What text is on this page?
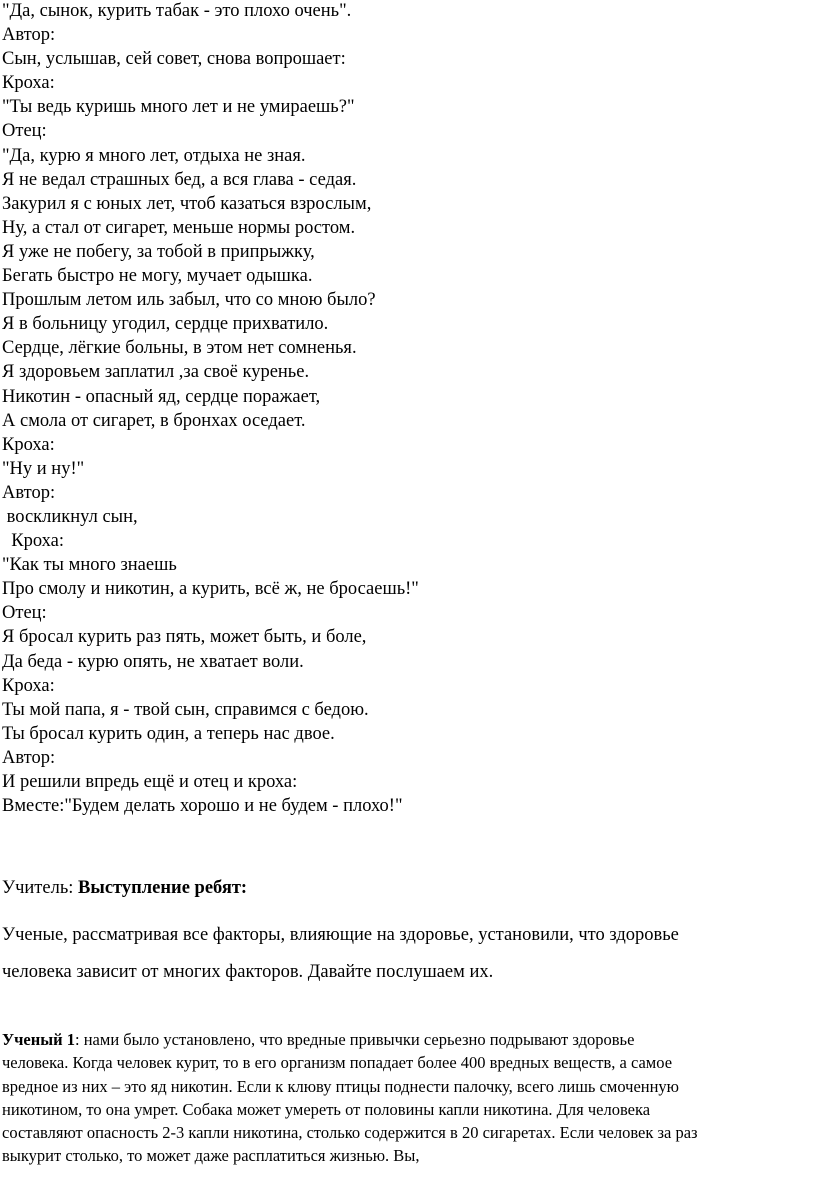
"Да, сынок, курить табак - это плохо очень".
Автор:
Сын, услышав, сей совет, снова вопрошает:
Кроха:
"Ты ведь куришь много лет и не умираешь?"
Отец:
"Да, курю я много лет, отдыха не зная.
Я не ведал страшных бед, а вся глава - седая.
Закурил я с юных лет, чтоб казаться взрослым,
Ну, а стал от сигарет, меньше нормы ростом.
Я уже не побегу, за тобой в припрыжку,
Бегать быстро не могу, мучает одышка.
Прошлым летом иль забыл, что со мною было?
Я в больницу угодил, сердце прихватило.
Сердце, лёгкие больны, в этом нет сомненья.
Я здоровьем заплатил ,за своё куренье.
Никотин - опасный яд, сердце поражает,
А смола от сигарет, в бронхах оседает.
Кроха:
"Ну и ну!"
Автор:
воскликнул сын,
Кроха:
"Как ты много знаешь
Про смолу и никотин, а курить, всё ж, не бросаешь!"
Отец:
Я бросал курить раз пять, может быть, и боле,
Да беда - курю опять, не хватает воли.
Кроха:
Ты мой папа, я - твой сын, справимся с бедою.
Ты бросал курить один, а теперь нас двое.
Автор:
И решили впредь ещё и отец и кроха:
Вместе:"Будем делать хорошо и не будем - плохо!"
Учитель: Выступление ребят:
Ученые, рассматривая все факторы, влияющие на здоровье, установили, что здоровье
человека зависит от многих факторов. Давайте послушаем их.
Ученый 1: нами было установлено, что вредные привычки серьезно подрывают здоровье
человека. Когда человек курит, то в его организм попадает более 400 вредных веществ, а самое
вредное из них – это яд никотин. Если к клюву птицы поднести палочку, всего лишь смоченную
никотином, то она умрет. Собака может умереть от половины капли никотина. Для человека
составляют опасность 2-3 капли никотина, столько содержится в 20 сигаретах. Если человек за раз
выкурит столько, то может даже расплатиться жизнью. Вы,
